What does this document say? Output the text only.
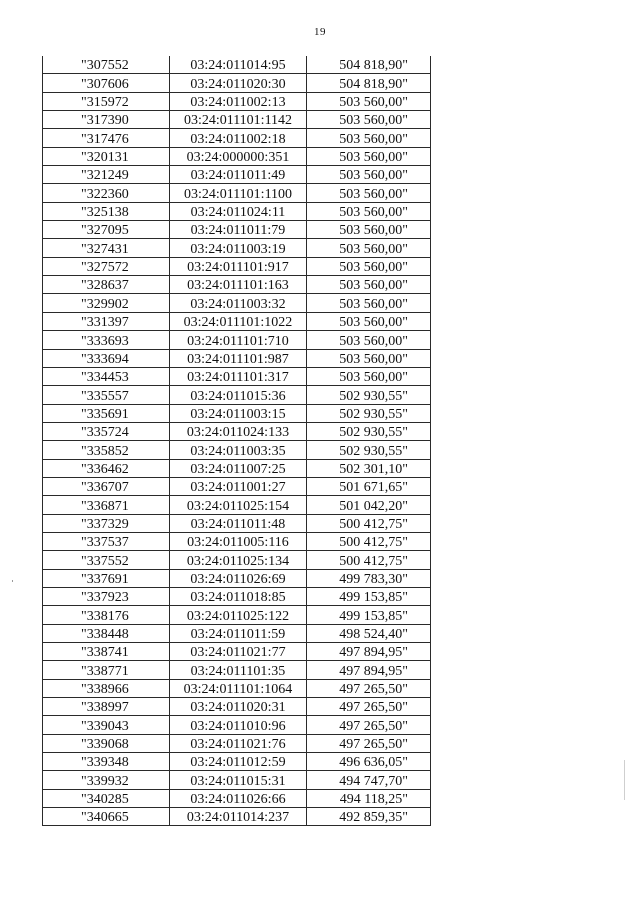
19
"307552	03:24:011014:95	504 818,90"
"307606	03:24:011020:30	504 818,90"
"315972	03:24:011002:13	503 560,00"
"317390	03:24:011101:1142	503 560,00"
"317476	03:24:011002:18	503 560,00"
"320131	03:24:000000:351	503 560,00"
"321249	03:24:011011:49	503 560,00"
"322360	03:24:011101:1100	503 560,00"
"325138	03:24:011024:11	503 560,00"
"327095	03:24:011011:79	503 560,00"
"327431	03:24:011003:19	503 560,00"
"327572	03:24:011101:917	503 560,00"
"328637	03:24:011101:163	503 560,00"
"329902	03:24:011003:32	503 560,00"
"331397	03:24:011101:1022	503 560,00"
"333693	03:24:011101:710	503 560,00"
"333694	03:24:011101:987	503 560,00"
"334453	03:24:011101:317	503 560,00"
"335557	03:24:011015:36	502 930,55"
"335691	03:24:011003:15	502 930,55"
"335724	03:24:011024:133	502 930,55"
"335852	03:24:011003:35	502 930,55"
"336462	03:24:011007:25	502 301,10"
"336707	03:24:011001:27	501 671,65"
"336871	03:24:011025:154	501 042,20"
"337329	03:24:011011:48	500 412,75"
"337537	03:24:011005:116	500 412,75"
"337552	03:24:011025:134	500 412,75"
"337691	03:24:011026:69	499 783,30"
"337923	03:24:011018:85	499 153,85"
"338176	03:24:011025:122	499 153,85"
"338448	03:24:011011:59	498 524,40"
"338741	03:24:011021:77	497 894,95"
"338771	03:24:011101:35	497 894,95"
"338966	03:24:011101:1064	497 265,50"
"338997	03:24:011020:31	497 265,50"
"339043	03:24:011010:96	497 265,50"
"339068	03:24:011021:76	497 265,50"
"339348	03:24:011012:59	496 636,05"
"339932	03:24:011015:31	494 747,70"
"340285	03:24:011026:66	494 118,25"
"340665	03:24:011014:237	492 859,35"
